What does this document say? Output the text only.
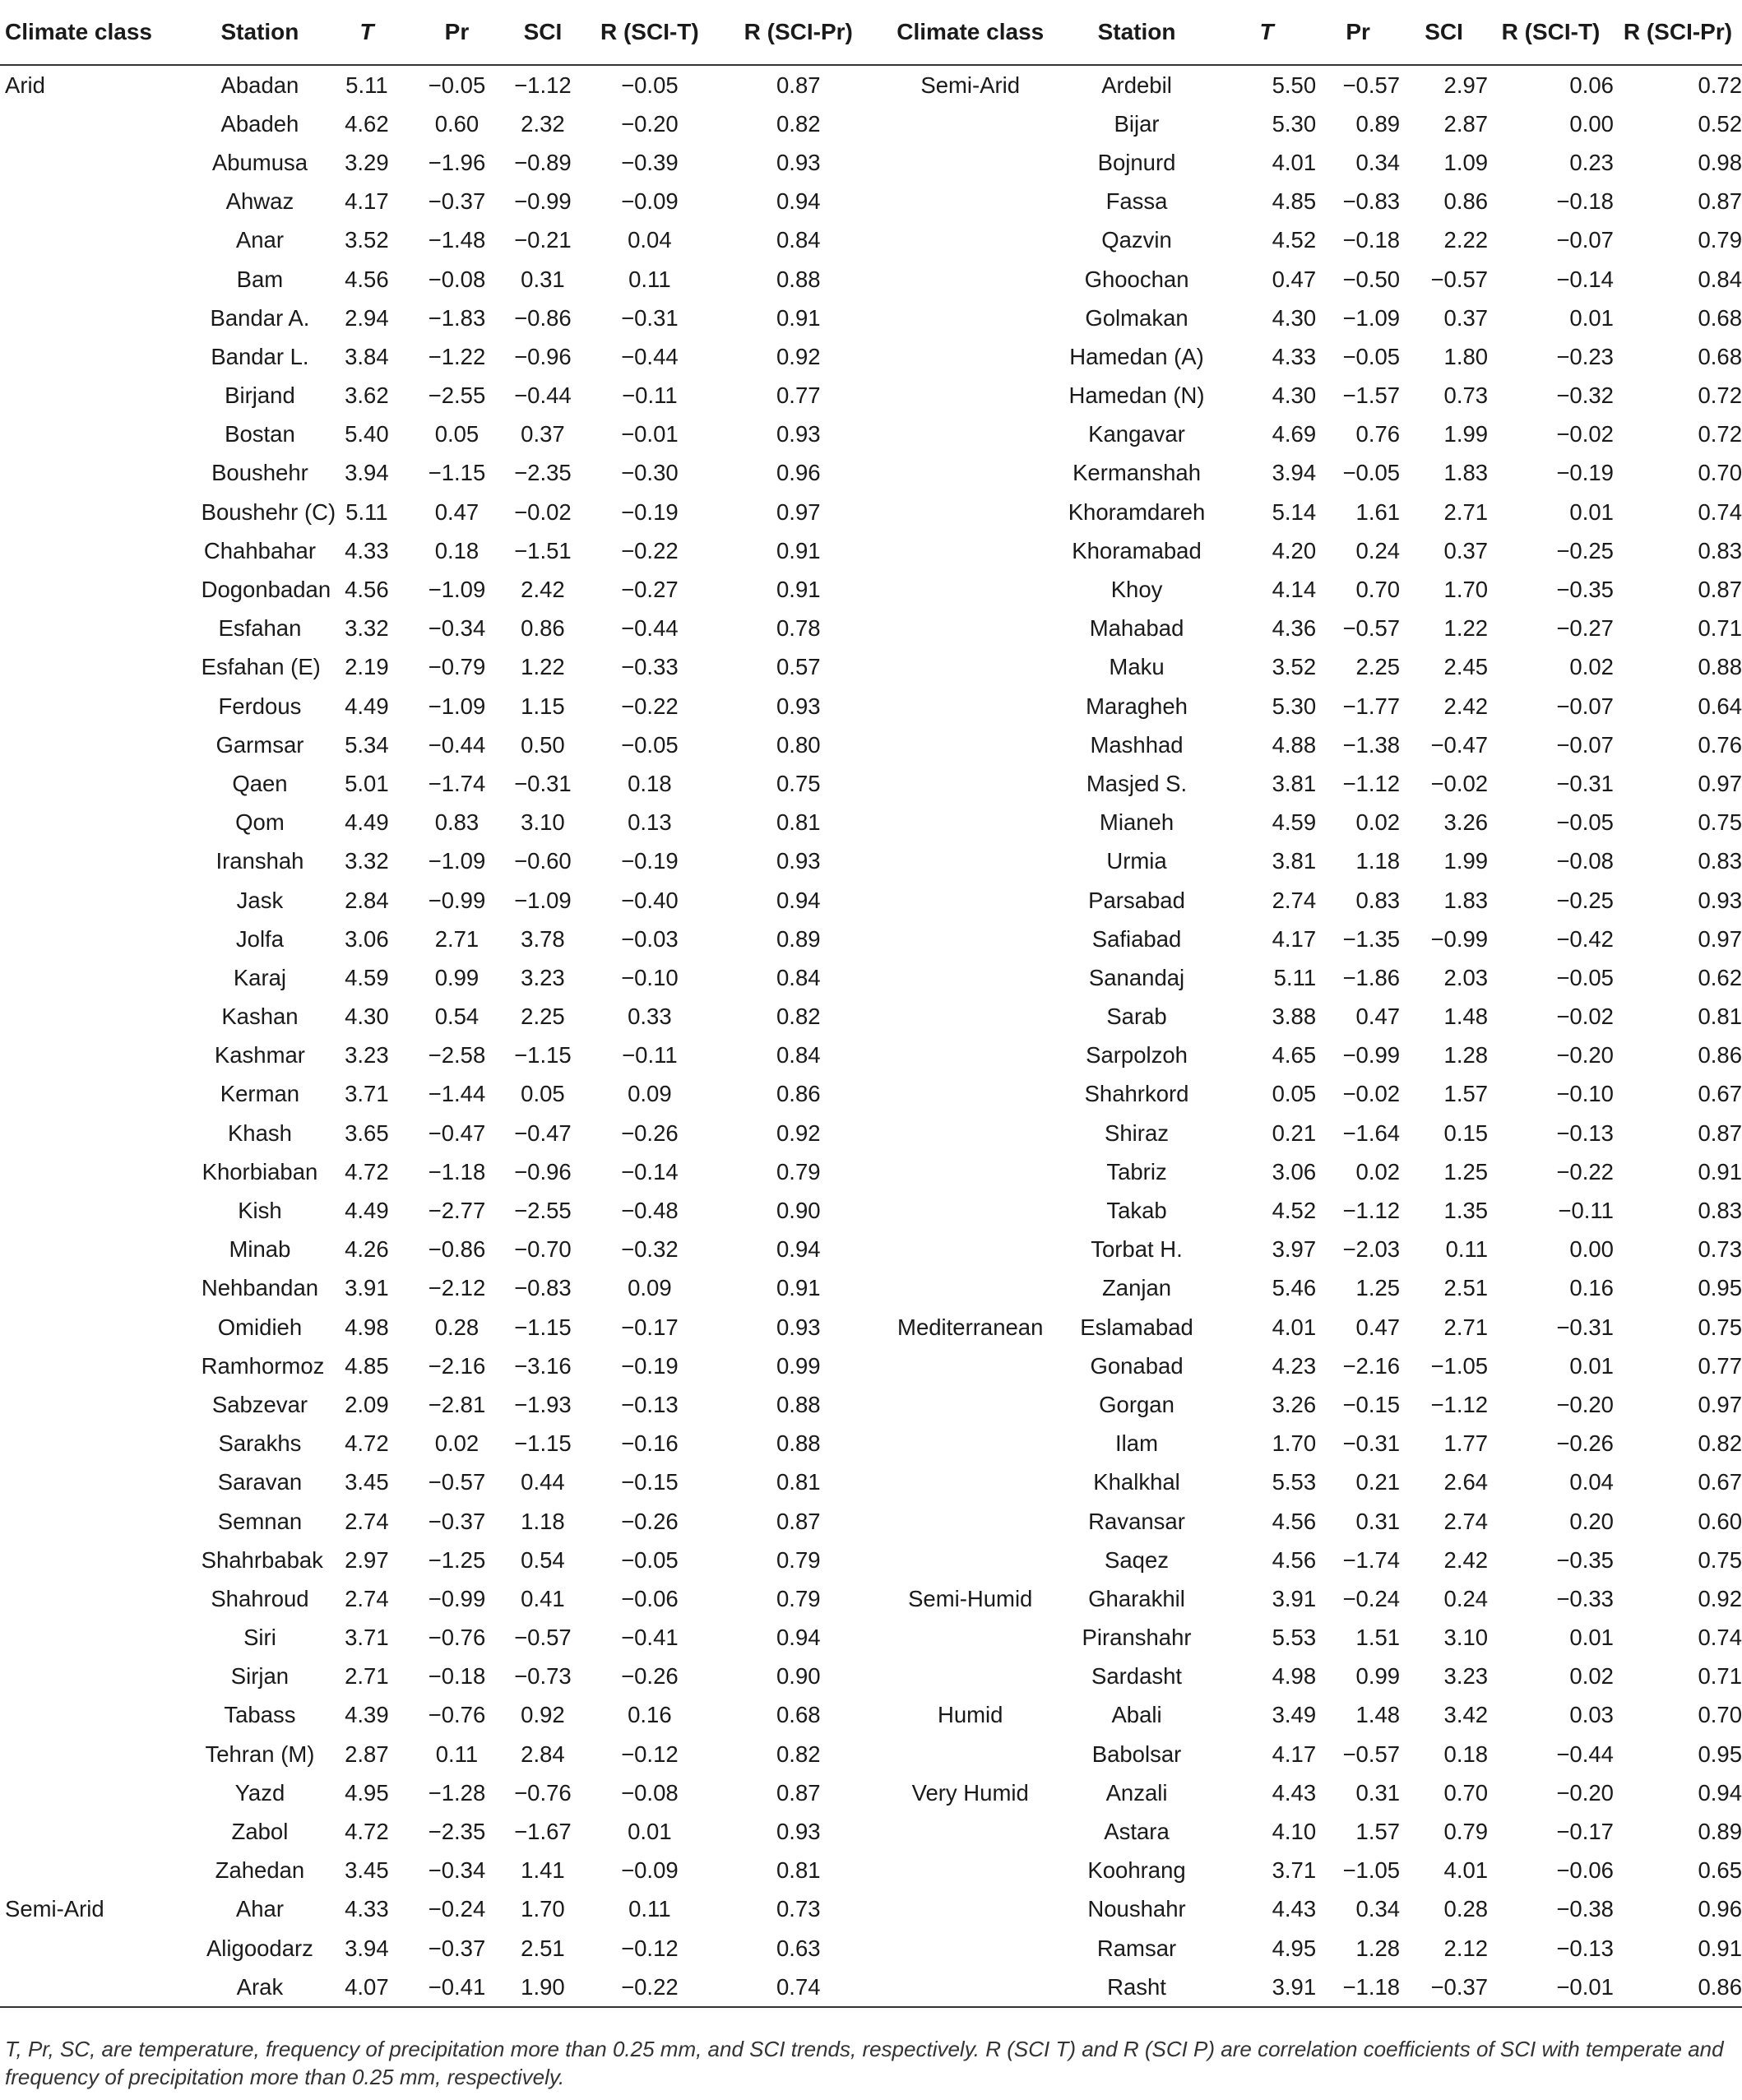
Climate class	Station	T	Pr	SCI	R (SCI-T)	R (SCI-Pr)	Climate class	Station	T	Pr	SCI	R (SCI-T)	R (SCI-Pr)
Arid	Abadan	5.11	−0.05	−1.12	−0.05	0.87	Semi-Arid	Ardebil	5.50	−0.57	2.97	0.06	0.72
	Abadeh	4.62	0.60	2.32	−0.20	0.82		Bijar	5.30	0.89	2.87	0.00	0.52
	Abumusa	3.29	−1.96	−0.89	−0.39	0.93		Bojnurd	4.01	0.34	1.09	0.23	0.98
	Ahwaz	4.17	−0.37	−0.99	−0.09	0.94		Fassa	4.85	−0.83	0.86	−0.18	0.87
	Anar	3.52	−1.48	−0.21	0.04	0.84		Qazvin	4.52	−0.18	2.22	−0.07	0.79
	Bam	4.56	−0.08	0.31	0.11	0.88		Ghoochan	0.47	−0.50	−0.57	−0.14	0.84
	Bandar A.	2.94	−1.83	−0.86	−0.31	0.91		Golmakan	4.30	−1.09	0.37	0.01	0.68
	Bandar L.	3.84	−1.22	−0.96	−0.44	0.92		Hamedan (A)	4.33	−0.05	1.80	−0.23	0.68
	Birjand	3.62	−2.55	−0.44	−0.11	0.77		Hamedan (N)	4.30	−1.57	0.73	−0.32	0.72
	Bostan	5.40	0.05	0.37	−0.01	0.93		Kangavar	4.69	0.76	1.99	−0.02	0.72
	Boushehr	3.94	−1.15	−2.35	−0.30	0.96		Kermanshah	3.94	−0.05	1.83	−0.19	0.70
	Boushehr (C)	5.11	0.47	−0.02	−0.19	0.97		Khoramdareh	5.14	1.61	2.71	0.01	0.74
	Chahbahar	4.33	0.18	−1.51	−0.22	0.91		Khoramabad	4.20	0.24	0.37	−0.25	0.83
	Dogonbadan	4.56	−1.09	2.42	−0.27	0.91		Khoy	4.14	0.70	1.70	−0.35	0.87
	Esfahan	3.32	−0.34	0.86	−0.44	0.78		Mahabad	4.36	−0.57	1.22	−0.27	0.71
	Esfahan (E)	2.19	−0.79	1.22	−0.33	0.57		Maku	3.52	2.25	2.45	0.02	0.88
	Ferdous	4.49	−1.09	1.15	−0.22	0.93		Maragheh	5.30	−1.77	2.42	−0.07	0.64
	Garmsar	5.34	−0.44	0.50	−0.05	0.80		Mashhad	4.88	−1.38	−0.47	−0.07	0.76
	Qaen	5.01	−1.74	−0.31	0.18	0.75		Masjed S.	3.81	−1.12	−0.02	−0.31	0.97
	Qom	4.49	0.83	3.10	0.13	0.81		Mianeh	4.59	0.02	3.26	−0.05	0.75
	Iranshah	3.32	−1.09	−0.60	−0.19	0.93		Urmia	3.81	1.18	1.99	−0.08	0.83
	Jask	2.84	−0.99	−1.09	−0.40	0.94		Parsabad	2.74	0.83	1.83	−0.25	0.93
	Jolfa	3.06	2.71	3.78	−0.03	0.89		Safiabad	4.17	−1.35	−0.99	−0.42	0.97
	Karaj	4.59	0.99	3.23	−0.10	0.84		Sanandaj	5.11	−1.86	2.03	−0.05	0.62
	Kashan	4.30	0.54	2.25	0.33	0.82		Sarab	3.88	0.47	1.48	−0.02	0.81
	Kashmar	3.23	−2.58	−1.15	−0.11	0.84		Sarpolzoh	4.65	−0.99	1.28	−0.20	0.86
	Kerman	3.71	−1.44	0.05	0.09	0.86		Shahrkord	0.05	−0.02	1.57	−0.10	0.67
	Khash	3.65	−0.47	−0.47	−0.26	0.92		Shiraz	0.21	−1.64	0.15	−0.13	0.87
	Khorbiaban	4.72	−1.18	−0.96	−0.14	0.79		Tabriz	3.06	0.02	1.25	−0.22	0.91
	Kish	4.49	−2.77	−2.55	−0.48	0.90		Takab	4.52	−1.12	1.35	−0.11	0.83
	Minab	4.26	−0.86	−0.70	−0.32	0.94		Torbat H.	3.97	−2.03	0.11	0.00	0.73
	Nehbandan	3.91	−2.12	−0.83	0.09	0.91		Zanjan	5.46	1.25	2.51	0.16	0.95
	Omidieh	4.98	0.28	−1.15	−0.17	0.93	Mediterranean	Eslamabad	4.01	0.47	2.71	−0.31	0.75
	Ramhormoz	4.85	−2.16	−3.16	−0.19	0.99		Gonabad	4.23	−2.16	−1.05	0.01	0.77
	Sabzevar	2.09	−2.81	−1.93	−0.13	0.88		Gorgan	3.26	−0.15	−1.12	−0.20	0.97
	Sarakhs	4.72	0.02	−1.15	−0.16	0.88		Ilam	1.70	−0.31	1.77	−0.26	0.82
	Saravan	3.45	−0.57	0.44	−0.15	0.81		Khalkhal	5.53	0.21	2.64	0.04	0.67
	Semnan	2.74	−0.37	1.18	−0.26	0.87		Ravansar	4.56	0.31	2.74	0.20	0.60
	Shahrbabak	2.97	−1.25	0.54	−0.05	0.79		Saqez	4.56	−1.74	2.42	−0.35	0.75
	Shahroud	2.74	−0.99	0.41	−0.06	0.79	Semi-Humid	Gharakhil	3.91	−0.24	0.24	−0.33	0.92
	Siri	3.71	−0.76	−0.57	−0.41	0.94		Piranshahr	5.53	1.51	3.10	0.01	0.74
	Sirjan	2.71	−0.18	−0.73	−0.26	0.90		Sardasht	4.98	0.99	3.23	0.02	0.71
	Tabass	4.39	−0.76	0.92	0.16	0.68	Humid	Abali	3.49	1.48	3.42	0.03	0.70
	Tehran (M)	2.87	0.11	2.84	−0.12	0.82		Babolsar	4.17	−0.57	0.18	−0.44	0.95
	Yazd	4.95	−1.28	−0.76	−0.08	0.87	Very Humid	Anzali	4.43	0.31	0.70	−0.20	0.94
	Zabol	4.72	−2.35	−1.67	0.01	0.93		Astara	4.10	1.57	0.79	−0.17	0.89
	Zahedan	3.45	−0.34	1.41	−0.09	0.81		Koohrang	3.71	−1.05	4.01	−0.06	0.65
Semi-Arid	Ahar	4.33	−0.24	1.70	0.11	0.73		Noushahr	4.43	0.34	0.28	−0.38	0.96
	Aligoodarz	3.94	−0.37	2.51	−0.12	0.63		Ramsar	4.95	1.28	2.12	−0.13	0.91
	Arak	4.07	−0.41	1.90	−0.22	0.74		Rasht	3.91	−1.18	−0.37	−0.01	0.86
T, Pr, SC, are temperature, frequency of precipitation more than 0.25 mm, and SCI trends, respectively. R (SCI T) and R (SCI P) are correlation coefficients of SCI with temperate and frequency of precipitation more than 0.25 mm, respectively.
